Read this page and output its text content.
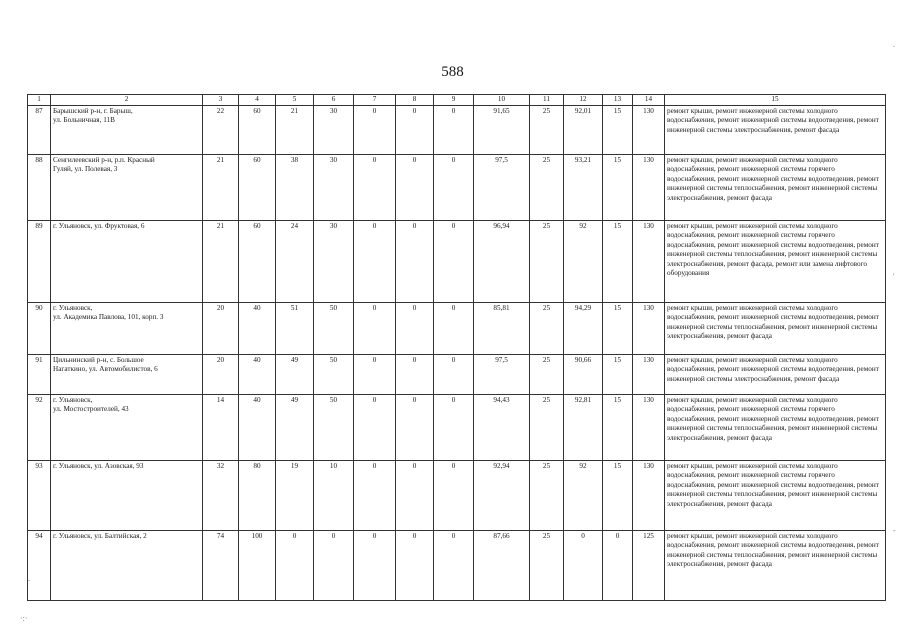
588
1	2	3	4	5	6	7	8	9	10	11	12	13	14	15
87	Барышский р-н, г. Барыш,
ул. Больничная, 11В	22	60	21	30	0	0	0	91,65	25	92,01	15	130	ремонт крыши, ремонт инженерной системы холодного водоснабжения, ремонт инженерной системы водоотведения, ремонт инженерной системы электроснабжения, ремонт фасада
88	Сенгилеевский р-н, р.п. Красный
Гуляй, ул. Полевая, 3	21	60	38	30	0	0	0	97,5	25	93,21	15	130	ремонт крыши, ремонт инженерной системы холодного водоснабжения, ремонт инженерной системы горячего водоснабжения, ремонт инженерной системы водоотведения, ремонт инженерной системы теплоснабжения, ремонт инженерной системы электроснабжения, ремонт фасада
89	г. Ульяновск, ул. Фруктовая, 6	21	60	24	30	0	0	0	96,94	25	92	15	130	ремонт крыши, ремонт инженерной системы холодного водоснабжения, ремонт инженерной системы горячего водоснабжения, ремонт инженерной системы водоотведения, ремонт инженерной системы теплоснабжения, ремонт инженерной системы электроснабжения, ремонт фасада, ремонт или замена лифтового оборудования
90	г. Ульяновск,
ул. Академика Павлова, 101, корп. 3	20	40	51	50	0	0	0	85,81	25	94,29	15	130	ремонт крыши, ремонт инженерной системы холодного водоснабжения, ремонт инженерной системы водоотведения, ремонт инженерной системы теплоснабжения, ремонт инженерной системы электроснабжения, ремонт фасада
91	Цильнинский р-н, с. Большое
Нагаткино, ул. Автомобилистов, 6	20	40	49	50	0	0	0	97,5	25	90,66	15	130	ремонт крыши, ремонт инженерной системы холодного водоснабжения, ремонт инженерной системы водоотведения, ремонт инженерной системы электроснабжения, ремонт фасада
92	г. Ульяновск,
ул. Мостостроителей, 43	14	40	49	50	0	0	0	94,43	25	92,81	15	130	ремонт крыши, ремонт инженерной системы холодного водоснабжения, ремонт инженерной системы горячего водоснабжения, ремонт инженерной системы водоотведения, ремонт инженерной системы теплоснабжения, ремонт инженерной системы электроснабжения, ремонт фасада
93	г. Ульяновск, ул. Азовская, 93	32	80	19	10	0	0	0	92,94	25	92	15	130	ремонт крыши, ремонт инженерной системы холодного водоснабжения, ремонт инженерной системы горячего водоснабжения, ремонт инженерной системы водоотведения, ремонт инженерной системы теплоснабжения, ремонт инженерной системы электроснабжения, ремонт фасада
94	г. Ульяновск, ул. Балтийская, 2	74	100	0	0	0	0	0	87,66	25	0	0	125	ремонт крыши, ремонт инженерной системы холодного водоснабжения, ремонт инженерной системы водоотведения, ремонт инженерной системы теплоснабжения, ремонт инженерной системы электроснабжения, ремонт фасада
.
'
-
.
·:·
